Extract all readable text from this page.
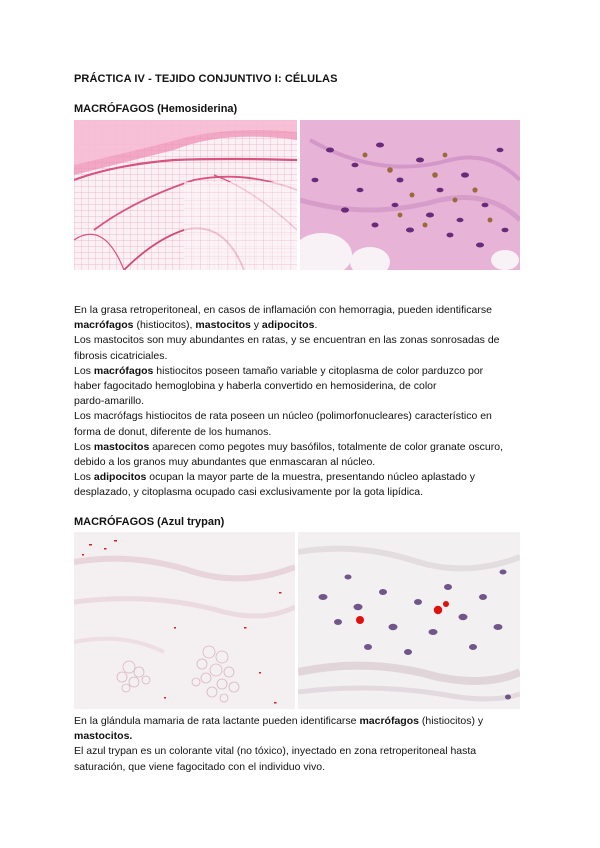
PRÁCTICA IV - TEJIDO CONJUNTIVO I: CÉLULAS
MACRÓFAGOS (Hemosiderina)
En la grasa retroperitoneal, en casos de inflamación con hemorragia, pueden identificarse
macrófagos (histiocitos), mastocitos y adipocitos.
Los mastocitos son muy abundantes en ratas, y se encuentran en las zonas sonrosadas de
fibrosis cicatriciales.
Los macrófagos histiocitos poseen tamaño variable y citoplasma de color parduzco por
haber fagocitado hemoglobina y haberla convertido en hemosiderina, de color
pardo-amarillo.
Los macrófags histiocitos de rata poseen un núcleo (polimorfonucleares) característico en
forma de donut, diferente de los humanos.
Los mastocitos aparecen como pegotes muy basófilos, totalmente de color granate oscuro,
debido a los granos muy abundantes que enmascaran al núcleo.
Los adipocitos ocupan la mayor parte de la muestra, presentando núcleo aplastado y
desplazado, y citoplasma ocupado casi exclusivamente por la gota lipídica.
MACRÓFAGOS (Azul trypan)
En la glándula mamaria de rata lactante pueden identificarse macrófagos (histiocitos) y
mastocitos.
El azul trypan es un colorante vital (no tóxico), inyectado en zona retroperitoneal hasta
saturación, que viene fagocitado con el individuo vivo.
